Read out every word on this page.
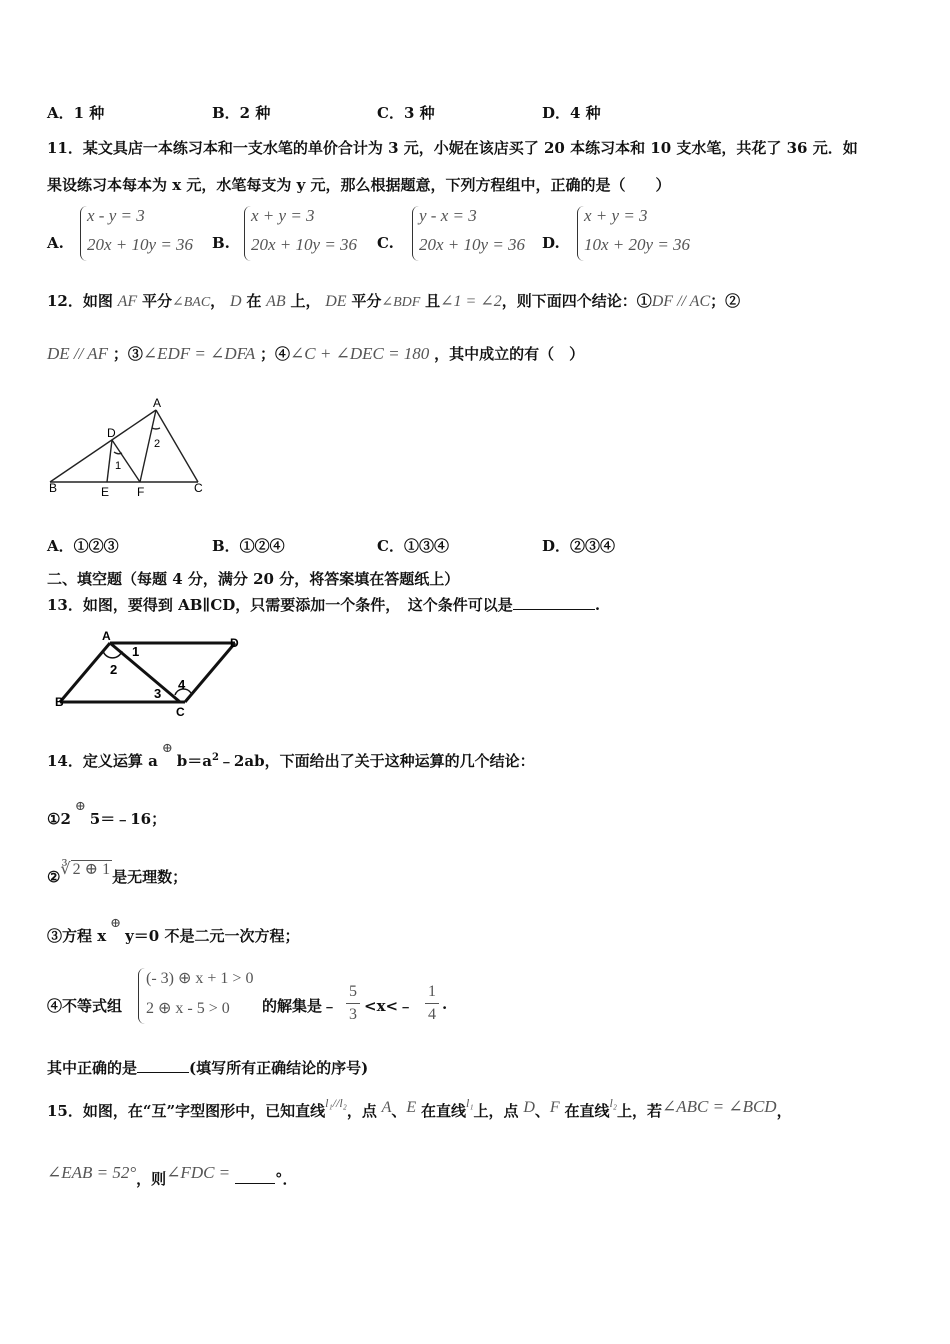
A．1 种	B．2 种	C．3 种	D．4 种
11．某文具店一本练习本和一支水笔的单价合计为 3 元，小妮在该店买了 20 本练习本和 10 支水笔，共花了 36 元．如
果设练习本每本为 x 元，水笔每支为 y 元，那么根据题意，下列方程组中，正确的是（　　）
A.
x - y = 3
20x + 10y = 36 B.
x + y = 3
20x + 10y = 36 C.
y - x = 3
20x + 10y = 36 D.
x + y = 3
10x + 20y = 36
12．如图 AF 平分∠BAC， D 在 AB 上， DE 平分∠BDF 且∠1 = ∠2，则下面四个结论：①DF // AC；②
DE // AF ；③∠EDF = ∠DFA ；④∠C + ∠DEC = 180 ，其中成立的有（　）
A
B	C
D
E F
1
2
A．①②③	B．①②④	C．①③④	D．②③④
二、填空题（每题 4 分，满分 20 分，将答案填在答题纸上）
13．如图，要得到 AB∥CD，只需要添加一个条件，　这个条件可以是	.
A	D
B
C
1
2
3
4
14．定义运算 $a\oplus b=a^2﹣2ab$，下面给出了关于这种运算的几个结论：
①2⊕5＝﹣16；
②∛ 2 ⊕ 1 是无理数；
③方程 x⊕y＝0 不是二元一次方程；
④不等式组
(- 3) ⊕ x + 1 > 0
2 ⊕ x - 5 > 0 的解集是﹣
5
3 <x<﹣
1
4
.
其中正确的是	(填写所有正确结论的序号)
15．如图，在“互”字型图形中，已知直线$^{l_1//l_2}$，点 A、E 在直线$^{l_1}$上，点 D、F 在直线$^{l_2}$上，若∠ABC = ∠BCD，
∠EAB = 52°，则∠FDC =	°．
